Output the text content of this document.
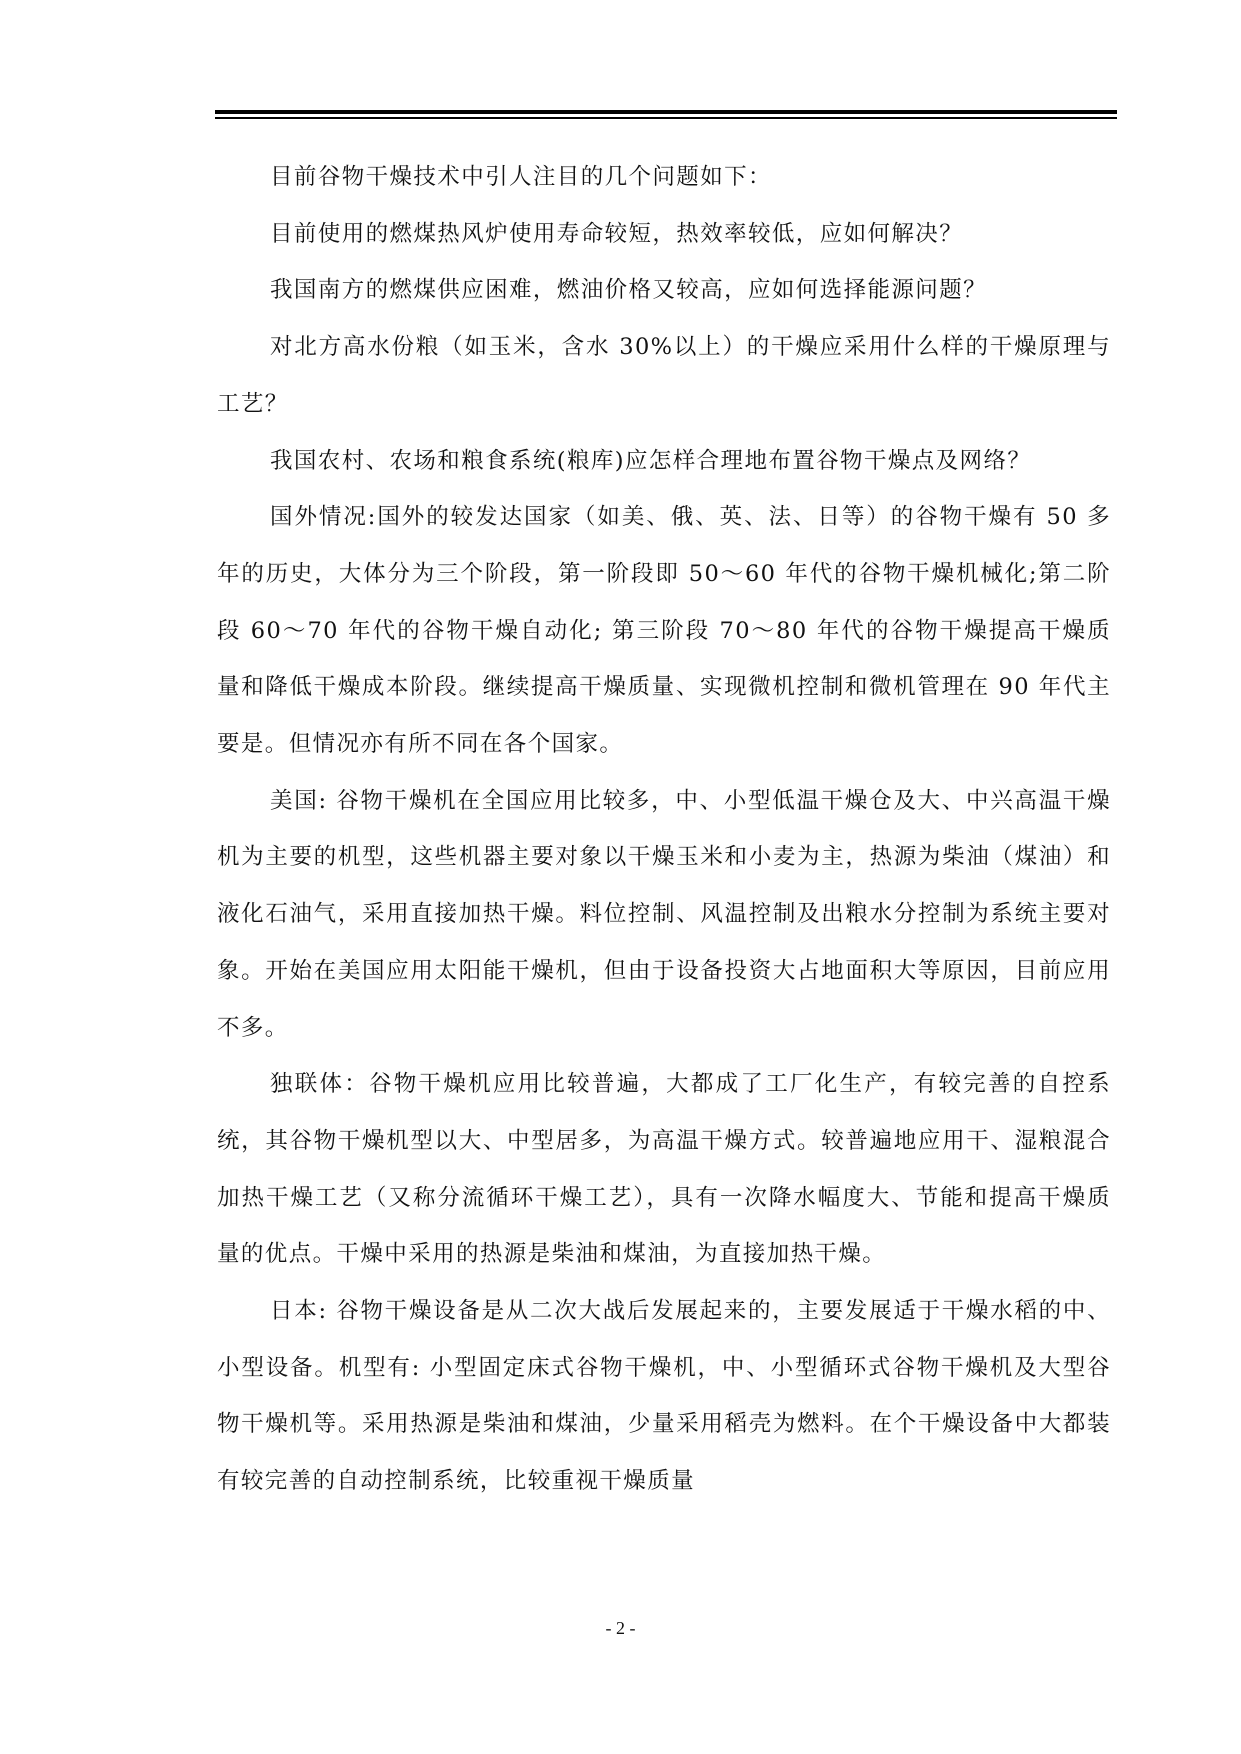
目前谷物干燥技术中引人注目的几个问题如下：

目前使用的燃煤热风炉使用寿命较短，热效率较低，应如何解决？

我国南方的燃煤供应困难，燃油价格又较高，应如何选择能源问题？

对北方高水份粮（如玉米，含水 30%以上）的干燥应采用什么样的干燥原理与工艺？

我国农村、农场和粮食系统(粮库)应怎样合理地布置谷物干燥点及网络？

国外情况:国外的较发达国家（如美、俄、英、法、日等）的谷物干燥有 50 多年的历史，大体分为三个阶段，第一阶段即 50～60 年代的谷物干燥机械化;第二阶段 60～70 年代的谷物干燥自动化; 第三阶段 70～80 年代的谷物干燥提高干燥质量和降低干燥成本阶段。继续提高干燥质量、实现微机控制和微机管理在 90 年代主要是。但情况亦有所不同在各个国家。

美国: 谷物干燥机在全国应用比较多，中、小型低温干燥仓及大、中兴高温干燥机为主要的机型，这些机器主要对象以干燥玉米和小麦为主，热源为柴油（煤油）和液化石油气，采用直接加热干燥。料位控制、风温控制及出粮水分控制为系统主要对象。开始在美国应用太阳能干燥机，但由于设备投资大占地面积大等原因，目前应用不多。

独联体：谷物干燥机应用比较普遍，大都成了工厂化生产，有较完善的自控系统，其谷物干燥机型以大、中型居多，为高温干燥方式。较普遍地应用干、湿粮混合加热干燥工艺（又称分流循环干燥工艺），具有一次降水幅度大、节能和提高干燥质量的优点。干燥中采用的热源是柴油和煤油，为直接加热干燥。

日本: 谷物干燥设备是从二次大战后发展起来的，主要发展适于干燥水稻的中、小型设备。机型有: 小型固定床式谷物干燥机，中、小型循环式谷物干燥机及大型谷物干燥机等。采用热源是柴油和煤油，少量采用稻壳为燃料。在个干燥设备中大都装有较完善的自动控制系统，比较重视干燥质量

- 2 -
